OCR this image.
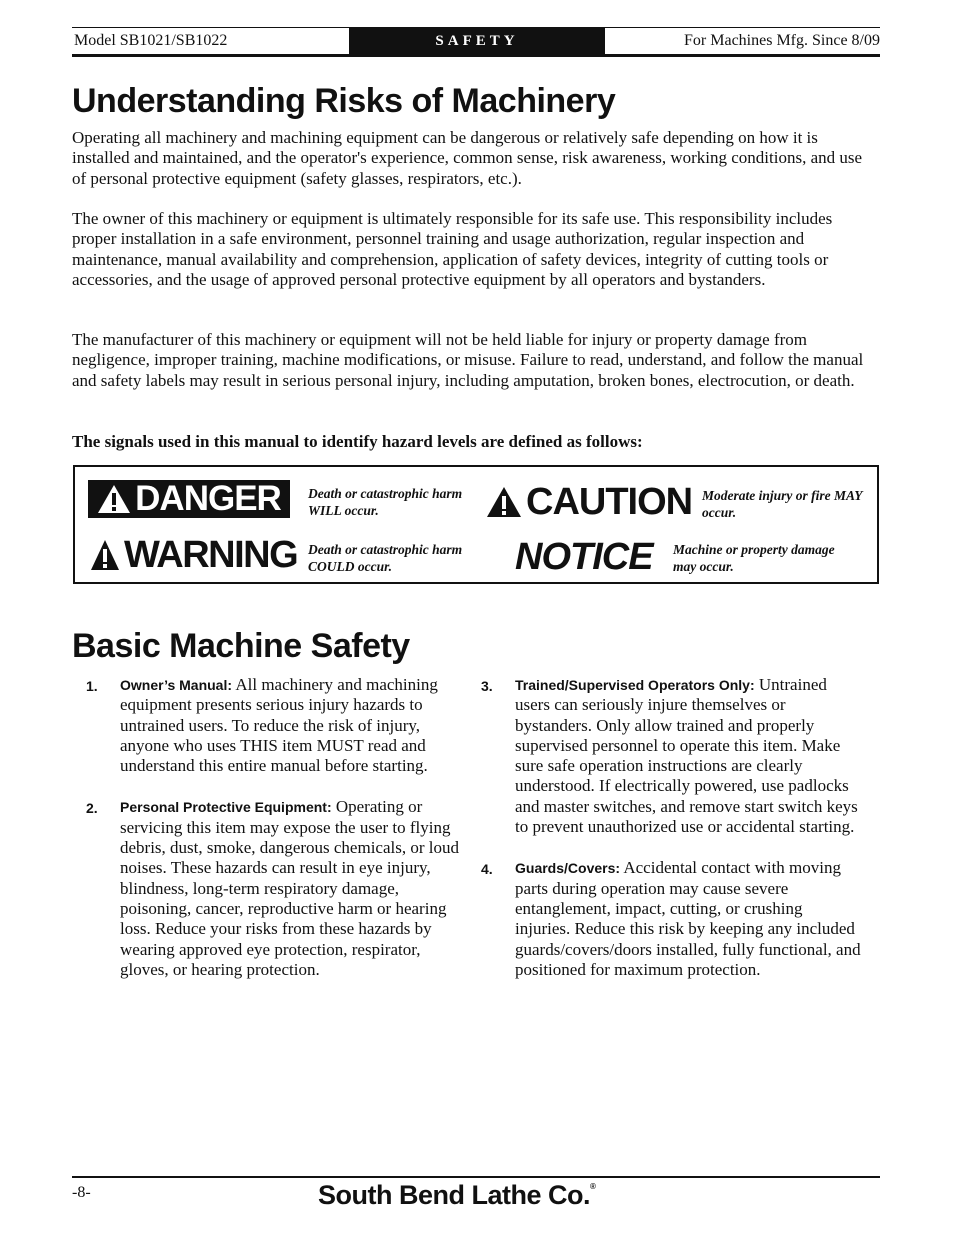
Model SB1021/SB1022	SAFETY	For Machines Mfg. Since 8/09
Understanding Risks of Machinery

Operating all machinery and machining equipment can be dangerous or relatively safe depending on how it is installed and maintained, and the operator's experience, common sense, risk awareness, working conditions, and use of personal protective equipment (safety glasses, respirators, etc.).

The owner of this machinery or equipment is ultimately responsible for its safe use. This responsibility includes proper installation in a safe environment, personnel training and usage authorization, regular inspection and maintenance, manual availability and comprehension, application of safety devices, integrity of cutting tools or accessories, and the usage of approved personal protective equipment by all operators and bystanders.

The manufacturer of this machinery or equipment will not be held liable for injury or property damage from negligence, improper training, machine modifications, or misuse. Failure to read, understand, and follow the manual and safety labels may result in serious personal injury, including amputation, broken bones, electrocution, or death.

The signals used in this manual to identify hazard levels are defined as follows:

DANGER Death or catastrophic harm WILL occur.

WARNING Death or catastrophic harm COULD occur.

CAUTION Moderate injury or fire MAY occur.

NOTICE Machine or property damage may occur.

Basic Machine Safety
1. Owner’s Manual: All machinery and machining equipment presents serious injury hazards to untrained users. To reduce the risk of injury, anyone who uses THIS item MUST read and understand this entire manual before starting.
2. Personal Protective Equipment: Operating or servicing this item may expose the user to flying debris, dust, smoke, dangerous chemicals, or loud noises. These hazards can result in eye injury, blindness, long-term respiratory damage, poisoning, cancer, reproductive harm or hearing loss. Reduce your risks from these hazards by wearing approved eye protection, respirator, gloves, or hearing protection.
3. Trained/Supervised Operators Only: Untrained users can seriously injure themselves or bystanders. Only allow trained and properly supervised personnel to operate this item. Make sure safe operation instructions are clearly understood. If electrically powered, use padlocks and master switches, and remove start switch keys to prevent unauthorized use or accidental starting.
4. Guards/Covers: Accidental contact with moving parts during operation may cause severe entanglement, impact, cutting, or crushing injuries. Reduce this risk by keeping any included guards/covers/doors installed, fully functional, and positioned for maximum protection.
-8-	South Bend Lathe Co.®
